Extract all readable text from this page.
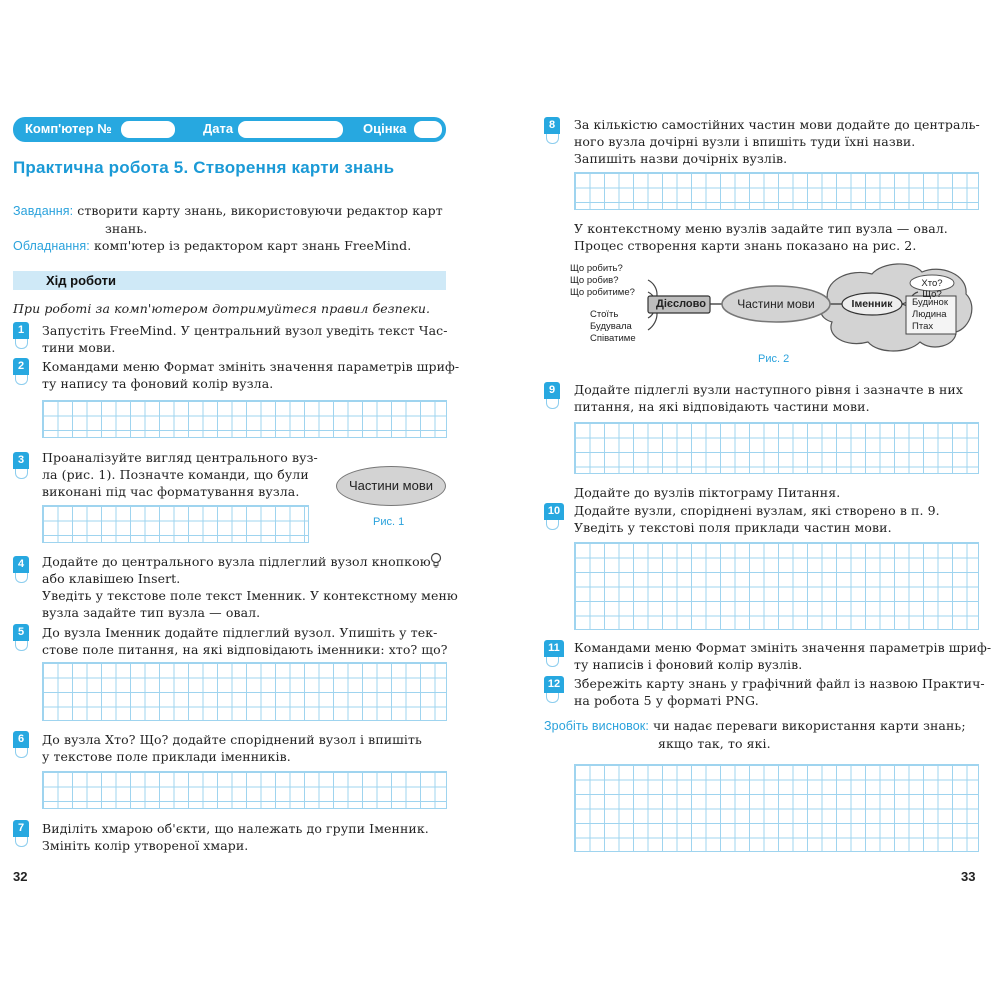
Комп'ютер №	Дата	Оцінка
Практична робота 5. Створення карти знань
Завдання: створити карту знань, використовуючи редактор карт
знань.
Обладнання: комп'ютер із редактором карт знань FreeMind.
Хід роботи
При роботі за комп'ютером дотримуйтеся правил безпеки.
1	Запустіть FreeMind. У центральний вузол уведіть текст Час-
тини мови.
2	Командами меню Формат змініть значення параметрів шриф-
ту напису та фоновий колір вузла.
3	Проаналізуйте вигляд центрального вуз-
ла (рис. 1). Позначте команди, що були
виконані під час форматування вузла.	Частини мови
Рис. 1
4	Додайте до центрального вузла підлеглий вузол кнопкою
або клавішею Insert.
Уведіть у текстове поле текст Іменник. У контекстному меню
вузла задайте тип вузла — овал.
5	До вузла Іменник додайте підлеглий вузол. Упишіть у тек-
стове поле питання, на які відповідають іменники: хто? що?
6	До вузла Хто? Що? додайте споріднений вузол і впишіть
у текстове поле приклади іменників.
7	Виділіть хмарою об'єкти, що належать до групи Іменник.
Змініть колір утвореної хмари.
32
8	За кількістю самостійних частин мови додайте до централь-
ного вузла дочірні вузли і впишіть туди їхні назви.
Запишіть назви дочірніх вузлів.
У контекстному меню вузлів задайте тип вузла — овал.
Процес створення карти знань показано на рис. 2.
Що робить?
Що робив?
Що робитиме?
Дієслово
Стоїть
Будувала
Співатиме
Частини мови	Іменник
Хто? Що?
Будинок
Людина
Птах
Рис. 2
9	Додайте підлеглі вузли наступного рівня і зазначте в них
питання, на які відповідають частини мови.
Додайте до вузлів піктограму Питання.
10	Додайте вузли, споріднені вузлам, які створено в п. 9.
Уведіть у текстові поля приклади частин мови.
11	Командами меню Формат змініть значення параметрів шриф-
ту написів і фоновий колір вузлів.
12	Збережіть карту знань у графічний файл із назвою Практич-
на робота 5 у форматі PNG.
Зробіть висновок: чи надає переваги використання карти знань;
якщо так, то які.
33
